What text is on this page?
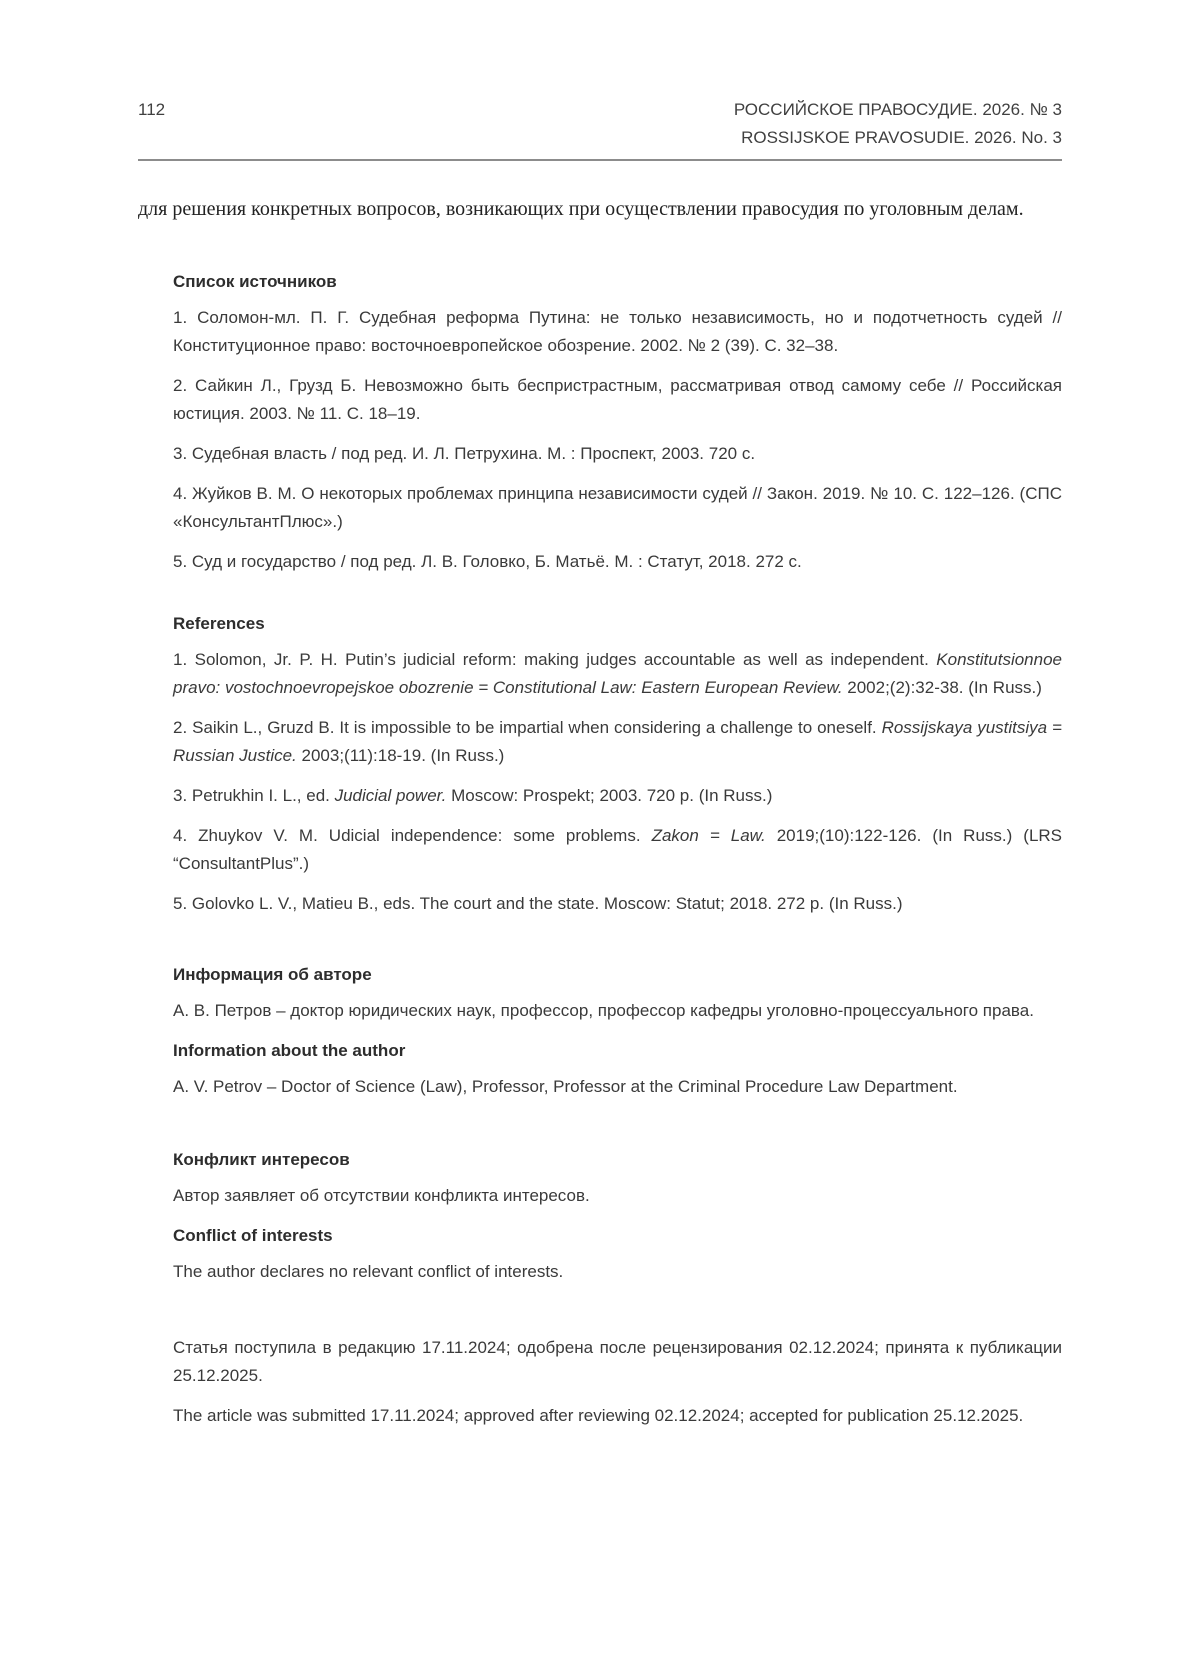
112	РОССИЙСКОЕ ПРАВОСУДИЕ. 2026. № 3
ROSSIJSKOE PRAVOSUDIE. 2026. No. 3

для решения конкретных вопросов, возникающих при осуществлении правосудия по уголовным делам.

Список источников

1. Соломон-мл. П. Г. Судебная реформа Путина: не только независимость, но и подотчетность судей // Конституционное право: восточноевропейское обозрение. 2002. № 2 (39). С. 32–38.

2. Сайкин Л., Грузд Б. Невозможно быть беспристрастным, рассматривая отвод самому себе // Российская юстиция. 2003. № 11. С. 18–19.

3. Судебная власть / под ред. И. Л. Петрухина. М. : Проспект, 2003. 720 с.

4. Жуйков В. М. О некоторых проблемах принципа независимости судей // Закон. 2019. № 10. С. 122–126. (СПС «КонсультантПлюс».)

5. Суд и государство / под ред. Л. В. Головко, Б. Матьё. М. : Статут, 2018. 272 с.

References

1. Solomon, Jr. P. H. Putin’s judicial reform: making judges accountable as well as independent. Konstitutsionnoe pravo: vostochnoevropejskoe obozrenie = Constitutional Law: Eastern European Review. 2002;(2):32-38. (In Russ.)

2. Saikin L., Gruzd B. It is impossible to be impartial when considering a challenge to oneself. Rossijskaya yustitsiya = Russian Justice. 2003;(11):18-19. (In Russ.)

3. Petrukhin I. L., ed. Judicial power. Moscow: Prospekt; 2003. 720 p. (In Russ.)

4. Zhuykov V. M. Udicial independence: some problems. Zakon = Law. 2019;(10):122-126. (In Russ.) (LRS “ConsultantPlus”.)

5. Golovko L. V., Matieu B., eds. The court and the state. Moscow: Statut; 2018. 272 p. (In Russ.)

Информация об авторе

А. В. Петров – доктор юридических наук, профессор, профессор кафедры уголовно-процессуального права.

Information about the author

A. V. Petrov – Doctor of Science (Law), Professor, Professor at the Criminal Procedure Law Department.

Конфликт интересов

Автор заявляет об отсутствии конфликта интересов.

Conflict of interests

The author declares no relevant conflict of interests.

Статья поступила в редакцию 17.11.2024; одобрена после рецензирования 02.12.2024; принята к публикации 25.12.2025.

The article was submitted 17.11.2024; approved after reviewing 02.12.2024; accepted for publication 25.12.2025.
